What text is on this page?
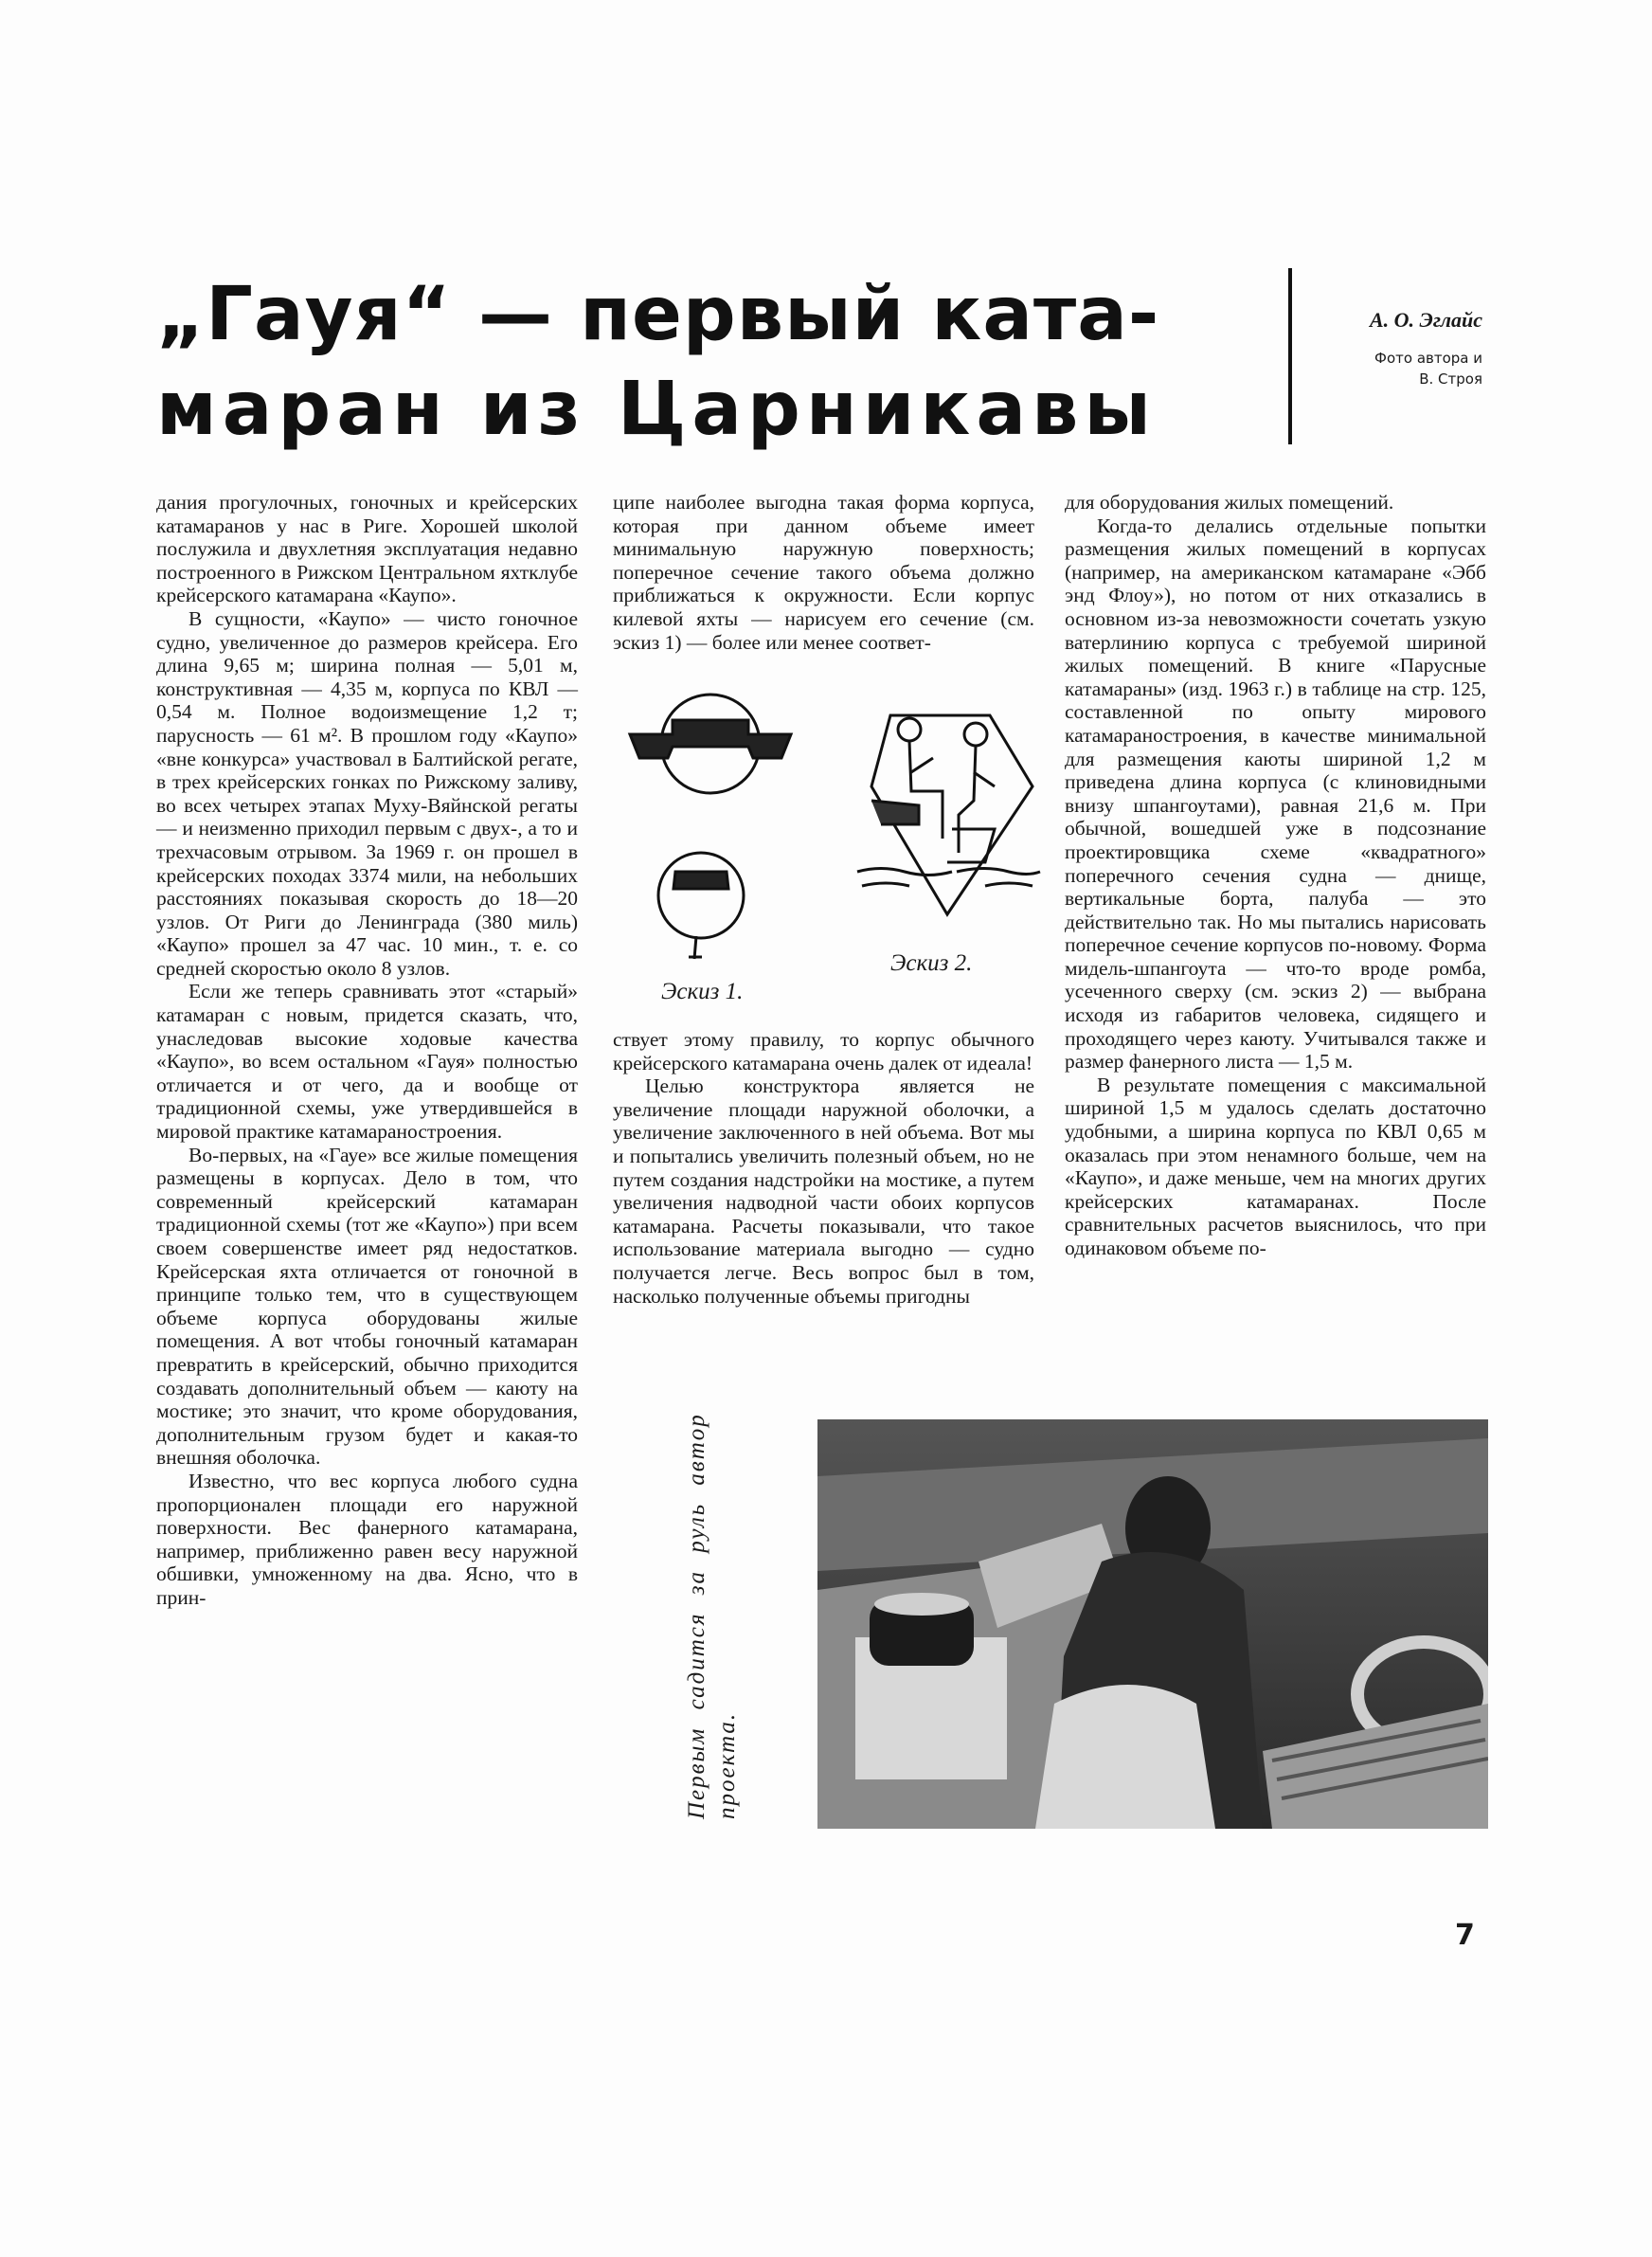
„Гауя“ — первый ката-
маран из Царникавы
А. О. Эглайс
Фото автора и
В. Строя

дания прогулочных, гоночных и крейсерских катамаранов у нас в Риге. Хорошей школой послужила и двухлетняя эксплуатация недавно построенного в Рижском Центральном яхтклубе крейсерского катамарана «Каупо».

В сущности, «Каупо» — чисто гоночное судно, увеличенное до размеров крейсера. Его длина 9,65 м; ширина полная — 5,01 м, конструктивная — 4,35 м, корпуса по КВЛ — 0,54 м. Полное водоизмещение 1,2 т; парусность — 61 м². В прошлом году «Каупо» «вне конкурса» участвовал в Балтийской регате, в трех крейсерских гонках по Рижскому заливу, во всех четырех этапах Муху-Вяйнской регаты — и неизменно приходил первым с двух-, а то и трехчасовым отрывом. За 1969 г. он прошел в крейсерских походах 3374 мили, на небольших расстояниях показывая скорость до 18—20 узлов. От Риги до Ленинграда (380 миль) «Каупо» прошел за 47 час. 10 мин., т. е. со средней скоростью около 8 узлов.

Если же теперь сравнивать этот «старый» катамаран с новым, придется сказать, что, унаследовав высокие ходовые качества «Каупо», во всем остальном «Гауя» полностью отличается и от чего, да и вообще от традиционной схемы, уже утвердившейся в мировой практике катамараностроения.

Во-первых, на «Гауе» все жилые помещения размещены в корпусах. Дело в том, что современный крейсерский катамаран традиционной схемы (тот же «Каупо») при всем своем совершенстве имеет ряд недостатков. Крейсерская яхта отличается от гоночной в принципе только тем, что в существующем объеме корпуса оборудованы жилые помещения. А вот чтобы гоночный катамаран превратить в крейсерский, обычно приходится создавать дополнительный объем — каюту на мостике; это значит, что кроме оборудования, дополнительным грузом будет и какая-то внешняя оболочка.

Известно, что вес корпуса любого судна пропорционален площади его наружной поверхности. Вес фанерного катамарана, например, приближенно равен весу наружной обшивки, умноженному на два. Ясно, что в прин-

ципе наиболее выгодна такая форма корпуса, которая при данном объеме имеет минимальную наружную поверхность; поперечное сечение такого объема должно приближаться к окружности. Если корпус килевой яхты — нарисуем его сечение (см. эскиз 1) — более или менее соответ-

Эскиз 1.
Эскиз 2.

ствует этому правилу, то корпус обычного крейсерского катамарана очень далек от идеала!

Целью конструктора является не увеличение площади наружной оболочки, а увеличение заключенного в ней объема. Вот мы и попытались увеличить полезный объем, но не путем создания надстройки на мостике, а путем увеличения надводной части обоих корпусов катамарана. Расчеты показывали, что такое использование материала выгодно — судно получается легче. Весь вопрос был в том, насколько полученные объемы пригодны

для оборудования жилых помещений.

Когда-то делались отдельные попытки размещения жилых помещений в корпусах (например, на американском катамаране «Эбб энд Флоу»), но потом от них отказались в основном из-за невозможности сочетать узкую ватерлинию корпуса с требуемой шириной жилых помещений. В книге «Парусные катамараны» (изд. 1963 г.) в таблице на стр. 125, составленной по опыту мирового катамараностроения, в качестве минимальной для размещения каюты шириной 1,2 м приведена длина корпуса (с клиновидными внизу шпангоутами), равная 21,6 м. При обычной, вошедшей уже в подсознание проектировщика схеме «квадратного» поперечного сечения судна — днище, вертикальные борта, палуба — это действительно так. Но мы пытались нарисовать поперечное сечение корпусов по-новому. Форма мидель-шпангоута — что-то вроде ромба, усеченного сверху (см. эскиз 2) — выбрана исходя из габаритов человека, сидящего и проходящего через каюту. Учитывался также и размер фанерного листа — 1,5 м.

В результате помещения с максимальной шириной 1,5 м удалось сделать достаточно удобными, а ширина корпуса по КВЛ 0,65 м оказалась при этом ненамного больше, чем на «Каупо», и даже меньше, чем на многих других крейсерских катамаранах. После сравнительных расчетов выяснилось, что при одинаковом объеме по-

Первым садится за руль автор проекта.
7
